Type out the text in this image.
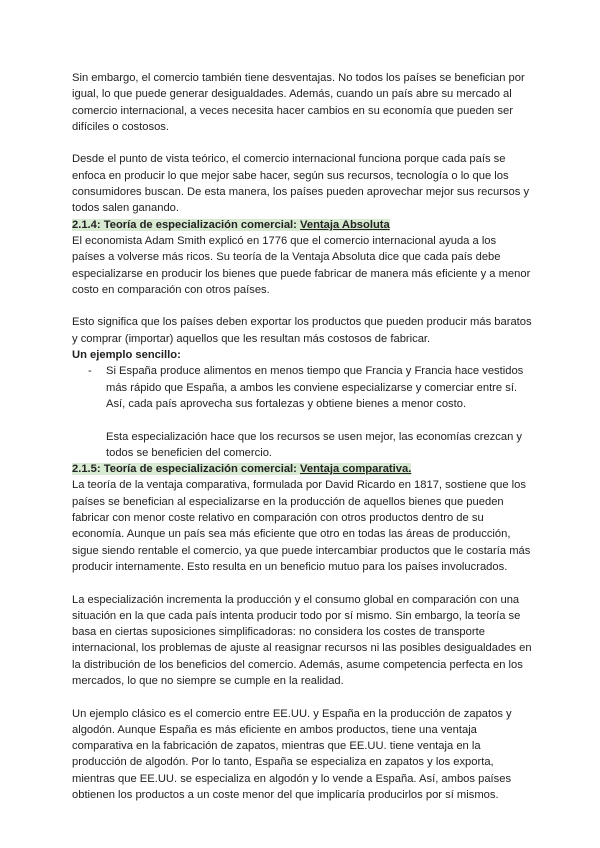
Sin embargo, el comercio también tiene desventajas. No todos los países se benefician por igual, lo que puede generar desigualdades. Además, cuando un país abre su mercado al comercio internacional, a veces necesita hacer cambios en su economía que pueden ser difíciles o costosos.

Desde el punto de vista teórico, el comercio internacional funciona porque cada país se enfoca en producir lo que mejor sabe hacer, según sus recursos, tecnología o lo que los consumidores buscan. De esta manera, los países pueden aprovechar mejor sus recursos y todos salen ganando.

2.1.4: Teoría de especialización comercial: Ventaja Absoluta

El economista Adam Smith explicó en 1776 que el comercio internacional ayuda a los países a volverse más ricos. Su teoría de la Ventaja Absoluta dice que cada país debe especializarse en producir los bienes que puede fabricar de manera más eficiente y a menor costo en comparación con otros países.

Esto significa que los países deben exportar los productos que pueden producir más baratos y comprar (importar) aquellos que les resultan más costosos de fabricar.

Un ejemplo sencillo:
- Si España produce alimentos en menos tiempo que Francia y Francia hace vestidos más rápido que España, a ambos les conviene especializarse y comerciar entre sí. Así, cada país aprovecha sus fortalezas y obtiene bienes a menor costo.

Esta especialización hace que los recursos se usen mejor, las economías crezcan y todos se beneficien del comercio.

2.1.5: Teoría de especialización comercial: Ventaja comparativa.

La teoría de la ventaja comparativa, formulada por David Ricardo en 1817, sostiene que los países se benefician al especializarse en la producción de aquellos bienes que pueden fabricar con menor coste relativo en comparación con otros productos dentro de su economía. Aunque un país sea más eficiente que otro en todas las áreas de producción, sigue siendo rentable el comercio, ya que puede intercambiar productos que le costaría más producir internamente. Esto resulta en un beneficio mutuo para los países involucrados.

La especialización incrementa la producción y el consumo global en comparación con una situación en la que cada país intenta producir todo por sí mismo. Sin embargo, la teoría se basa en ciertas suposiciones simplificadoras: no considera los costes de transporte internacional, los problemas de ajuste al reasignar recursos ni las posibles desigualdades en la distribución de los beneficios del comercio. Además, asume competencia perfecta en los mercados, lo que no siempre se cumple en la realidad.

Un ejemplo clásico es el comercio entre EE.UU. y España en la producción de zapatos y algodón. Aunque España es más eficiente en ambos productos, tiene una ventaja comparativa en la fabricación de zapatos, mientras que EE.UU. tiene ventaja en la producción de algodón. Por lo tanto, España se especializa en zapatos y los exporta, mientras que EE.UU. se especializa en algodón y lo vende a España. Así, ambos países obtienen los productos a un coste menor del que implicaría producirlos por sí mismos.
